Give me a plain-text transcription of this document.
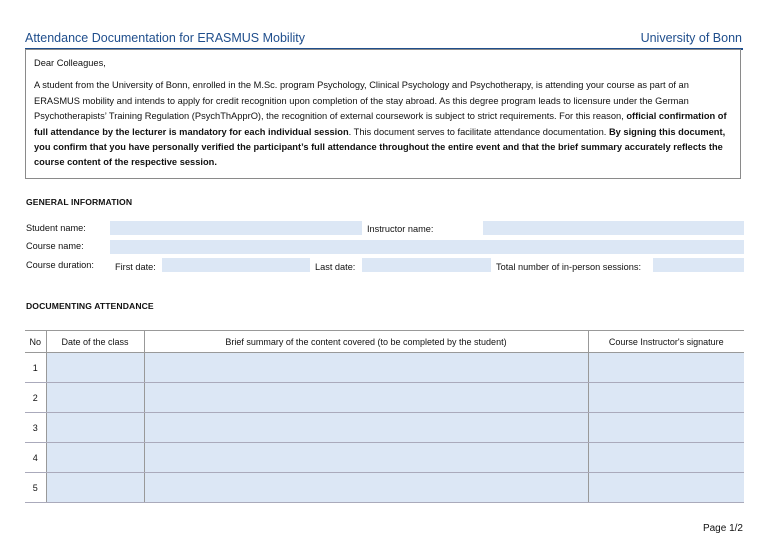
Attendance Documentation for ERASMUS Mobility	University of Bonn

Dear Colleagues,

A student from the University of Bonn, enrolled in the M.Sc. program Psychology, Clinical Psychology and Psychotherapy, is attending your course as part of an ERASMUS mobility and intends to apply for credit recognition upon completion of the stay abroad. As this degree program leads to licensure under the German Psychotherapists’ Training Regulation (PsychThApprO), the recognition of external coursework is subject to strict requirements. For this reason, official confirmation of full attendance by the lecturer is mandatory for each individual session. This document serves to facilitate attendance documentation. By signing this document, you confirm that you have personally verified the participant’s full attendance throughout the entire event and that the brief summary accurately reflects the course content of the respective session.

GENERAL INFORMATION
Student name:	Instructor name:
Course name:
Course duration: First date:	Last date:	Total number of in-person sessions:
DOCUMENTING ATTENDANCE
No	Date of the class	Brief summary of the content covered (to be completed by the student)	Course Instructor's signature
1			
2			
3			
4			
5			
Page 1/2
